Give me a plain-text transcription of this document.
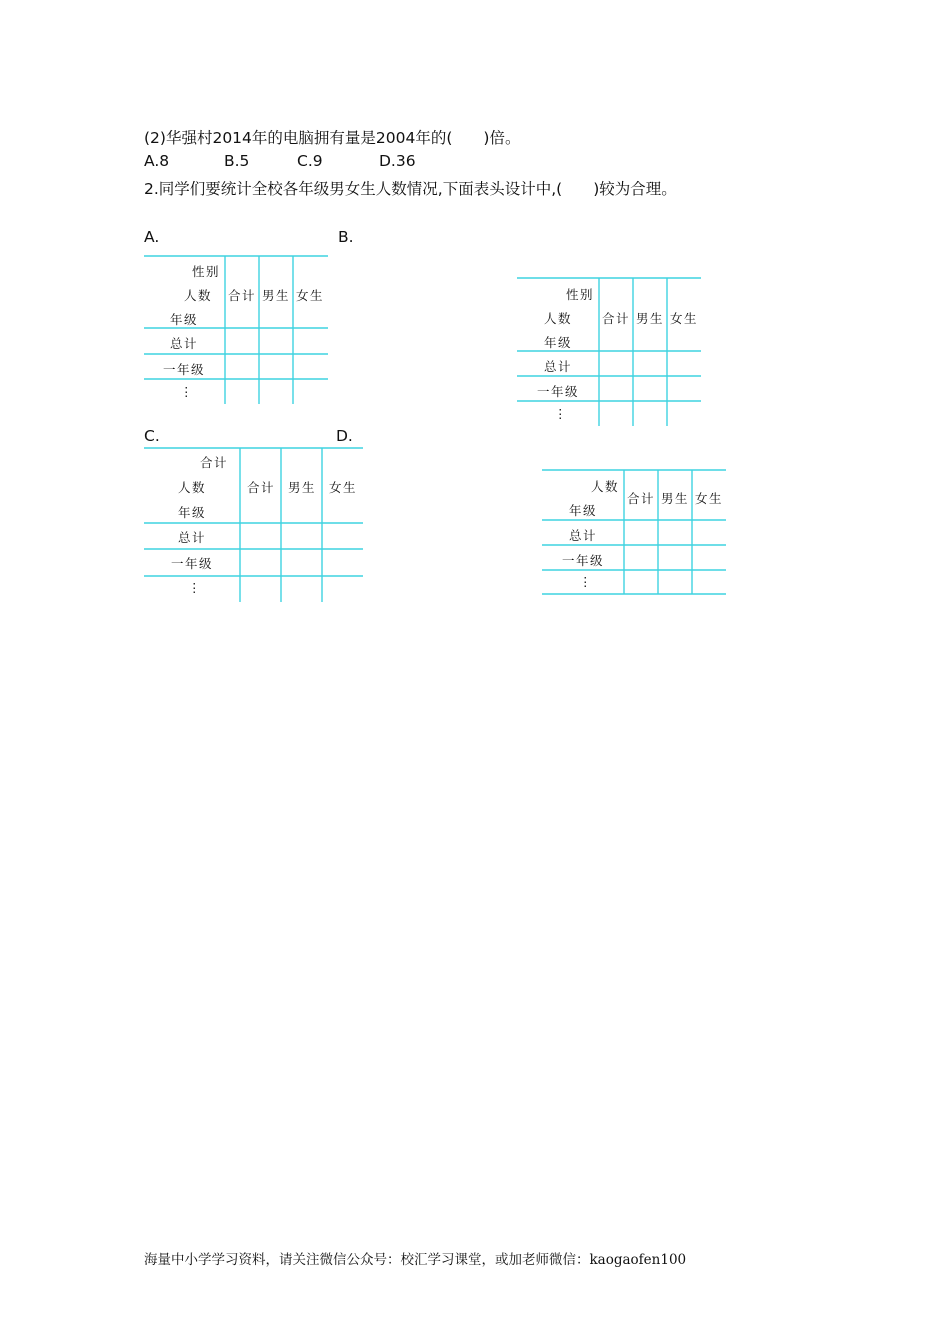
(2)华强村2014年的电脑拥有量是2004年的(　　)倍。
A.8	B.5	C.9	D.36
2.同学们要统计全校各年级男女生人数情况,下面表头设计中,(　　)较为合理。
A.	B.
C.	D.
性别
人数
年级
合计 男生 女生
总计
一年级
⋮
性别
人数
年级
合计 男生 女生
总计
一年级
⋮
合计
人数
年级
合计 男生 女生
总计
一年级
⋮
人数
年级
合计 男生 女生
总计
一年级
⋮
海量中小学学习资料，请关注微信公众号：校汇学习课堂，或加老师微信：kaogaofen100
